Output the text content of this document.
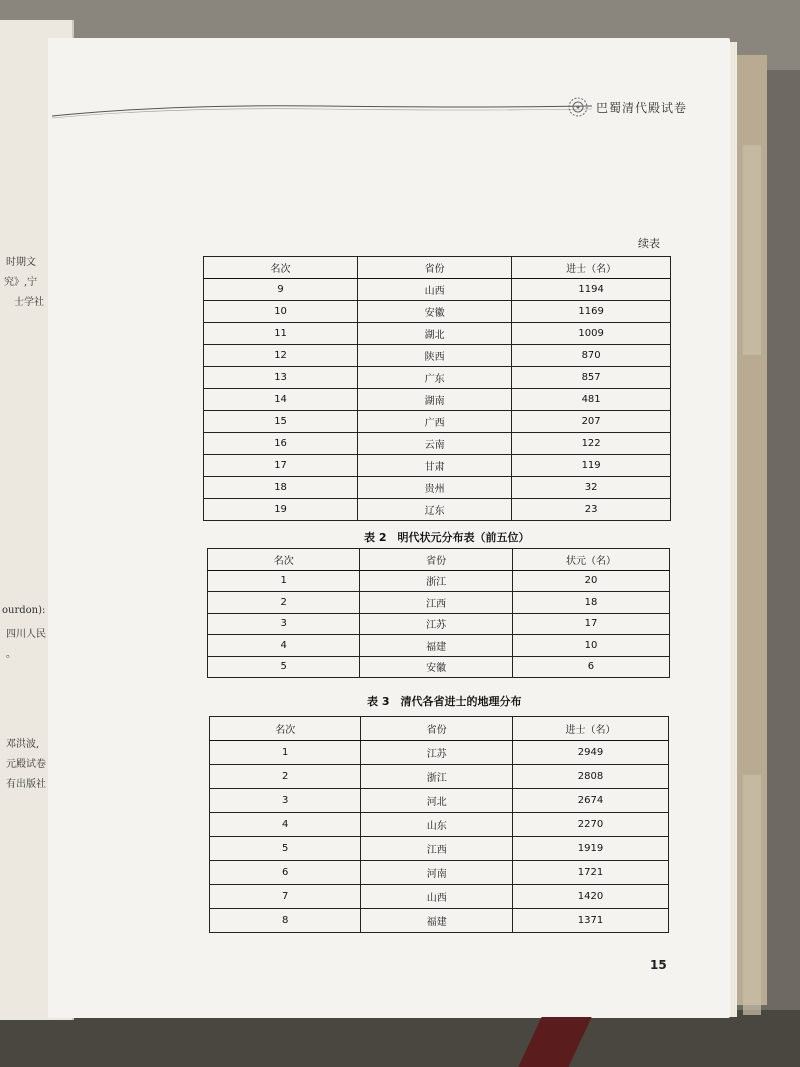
时期文
究》,宁
士学社
ourdon):
四川人民
。
邓洪波,
元殿试卷
有出版社
巴蜀清代殿试卷
续表
名次	省份	进士（名）
9	山西	1194
10	安徽	1169
11	湖北	1009
12	陕西	870
13	广东	857
14	湖南	481
15	广西	207
16	云南	122
17	甘肃	119
18	贵州	32
19	辽东	23
表 2　明代状元分布表（前五位）
名次	省份	状元（名）
1	浙江	20
2	江西	18
3	江苏	17
4	福建	10
5	安徽	6
表 3　清代各省进士的地理分布
名次	省份	进士（名）
1	江苏	2949
2	浙江	2808
3	河北	2674
4	山东	2270
5	江西	1919
6	河南	1721
7	山西	1420
8	福建	1371
15
